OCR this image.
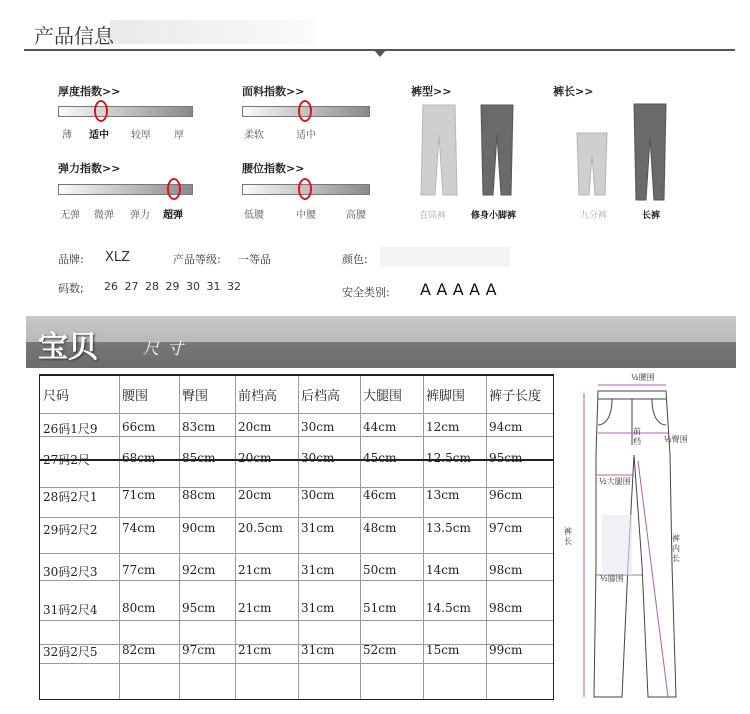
产品信息
厚度指数>>
薄 适中 较厚 厚
面料指数>>
柔软	适中
弹力指数>>
无弹 微弹 弹力 超弹
腰位指数>>
低腰	中腰	高腰
裤型>>	裤长>>
直筒裤	修身小脚裤	九分裤	长裤
品牌: XLZ	产品等级: 一等品	颜色:
码数; 26 27 28 29 30 31 32	安全类别: AAAAA
宝贝	尺寸
尺码	腰围	臀围 前档高 后档高 大腿围 裤脚围 裤子长度
26码1尺9 66cm 83cm 20cm 30cm 44cm 12cm 94cm
27码2尺	68cm 85cm 20cm 30cm 45cm 12.5cm 95cm
28码2尺1 71cm 88cm 20cm 30cm 46cm 13cm 96cm
29码2尺2 74cm 90cm 20.5cm 31cm 48cm 13.5cm 97cm
30码2尺3 77cm 92cm 21cm 31cm 50cm 14cm 98cm
31码2尺4 80cm 95cm 21cm 31cm 51cm 14.5cm 98cm
32码2尺5 82cm 97cm 21cm 31cm 52cm 15cm 99cm
½腰围
½臀围
前档
½大腿围
裤内长
裤长
½膝围
